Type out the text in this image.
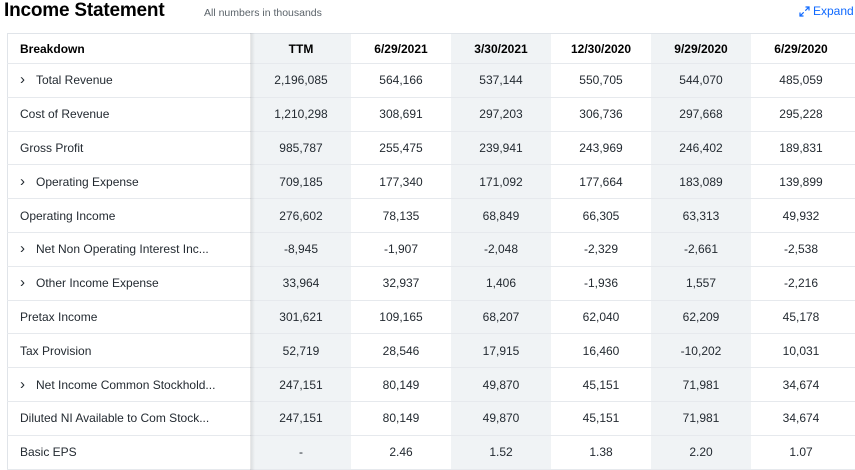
Income Statement	All numbers in thousands	Expand
Breakdown	TTM	6/29/2021	3/30/2021	12/30/2020	9/29/2020	6/29/2020
› Total Revenue	2,196,085	564,166	537,144	550,705	544,070	485,059
Cost of Revenue	1,210,298	308,691	297,203	306,736	297,668	295,228
Gross Profit	985,787	255,475	239,941	243,969	246,402	189,831
› Operating Expense	709,185	177,340	171,092	177,664	183,089	139,899
Operating Income	276,602	78,135	68,849	66,305	63,313	49,932
› Net Non Operating Interest Inc...	-8,945	-1,907	-2,048	-2,329	-2,661	-2,538
› Other Income Expense	33,964	32,937	1,406	-1,936	1,557	-2,216
Pretax Income	301,621	109,165	68,207	62,040	62,209	45,178
Tax Provision	52,719	28,546	17,915	16,460	-10,202	10,031
› Net Income Common Stockhold...	247,151	80,149	49,870	45,151	71,981	34,674
Diluted NI Available to Com Stock...	247,151	80,149	49,870	45,151	71,981	34,674
Basic EPS	-	2.46	1.52	1.38	2.20	1.07
